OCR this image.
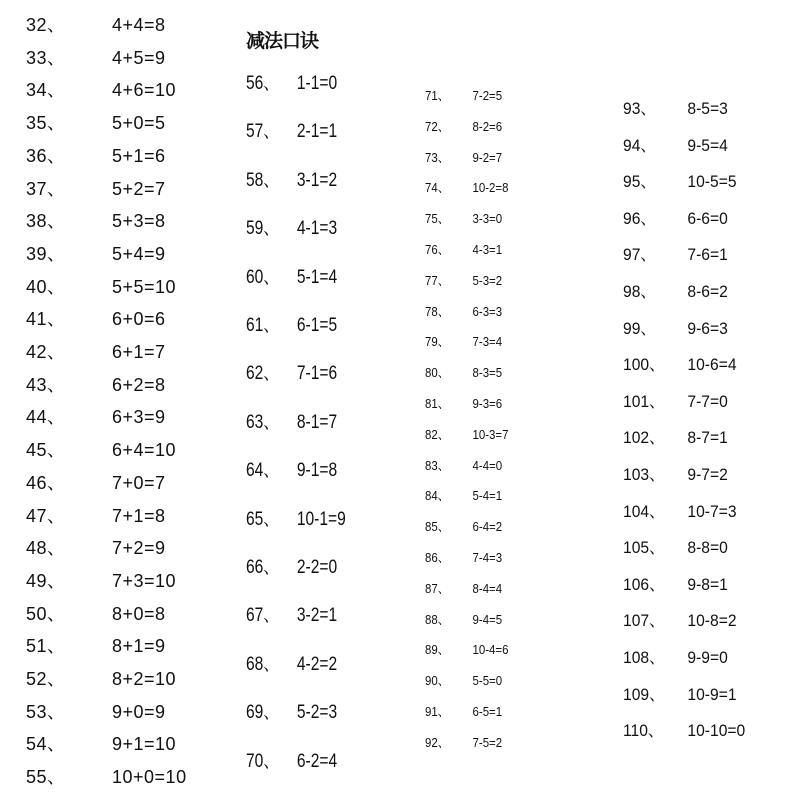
减法口诀
32、	4+4=8
33、	4+5=9
34、	4+6=10
35、	5+0=5
36、	5+1=6
37、	5+2=7
38、	5+3=8
39、	5+4=9
40、	5+5=10
41、	6+0=6
42、	6+1=7
43、	6+2=8
44、	6+3=9
45、	6+4=10
46、	7+0=7
47、	7+1=8
48、	7+2=9
49、	7+3=10
50、	8+0=8
51、	8+1=9
52、	8+2=10
53、	9+0=9
54、	9+1=10
55、	10+0=10
56、 1-1=0
57、 2-1=1
58、 3-1=2
59、 4-1=3
60、 5-1=4
61、 6-1=5
62、 7-1=6
63、 8-1=7
64、 9-1=8
65、 10-1=9
66、 2-2=0
67、 3-2=1
68、 4-2=2
69、 5-2=3
70、 6-2=4
71、 7-2=5
72、 8-2=6
73、 9-2=7
74、 10-2=8
75、 3-3=0
76、 4-3=1
77、 5-3=2
78、 6-3=3
79、 7-3=4
80、 8-3=5
81、 9-3=6
82、 10-3=7
83、 4-4=0
84、 5-4=1
85、 6-4=2
86、 7-4=3
87、 8-4=4
88、 9-4=5
89、 10-4=6
90、 5-5=0
91、 6-5=1
92、 7-5=2
93、 8-5=3
94、 9-5=4
95、 10-5=5
96、 6-6=0
97、 7-6=1
98、 8-6=2
99、 9-6=3
100、 10-6=4
101、 7-7=0
102、 8-7=1
103、 9-7=2
104、 10-7=3
105、 8-8=0
106、 9-8=1
107、 10-8=2
108、 9-9=0
109、 10-9=1
110、 10-10=0
